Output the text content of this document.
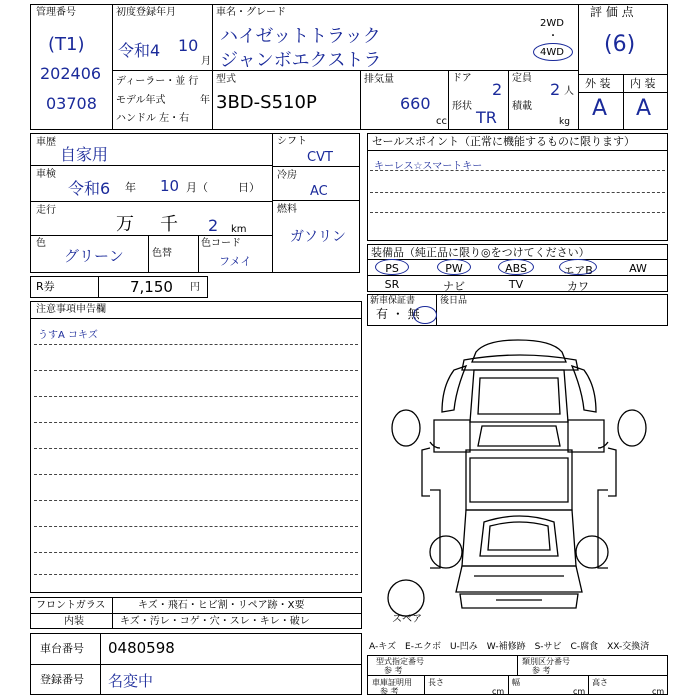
管理番号
(T1)
202406
03708
初度登録年月
令和4 10
月
車名・グレード
ハイゼットトラック
ジャンボエクストラ
2WD
・
4WD
ディーラー・並 行
モデル年式	年
ハンドル 左・右
型式
3BD-S510P
排気量
660
cc
ドア
2
形状
TR
定員
2 人
積載
kg
評 価 点
(6)
外 装 内 装
A A
車歴
自家用
車検
令和6 年 10 月（	日）
走行
万 千 2 km
色
グリーン	色替
色コード
フメイ
シフト
CVT
冷房
AC
燃料
ガソリン
R券	7,150 円
セールスポイント（正常に機能するものに限ります）
キーレス☆スマートキー
装備品（純正品に限り◎をつけてください）
PS	PW	ABS	エアB	AW
SR	ナビ	TV	カワ
新車保証書
有 ・ 無
後日品
注意事項申告欄
うすA コキズ
スペア
フロントガラス	キズ・飛石・ヒビ割・リペア跡・X要
内装	キズ・汚レ・コゲ・穴・スレ・キレ・破レ
車台番号 0480598
登録番号 名変中
A-キズ　E-エクボ　U-凹み　W-補修跡　S-サビ　C-腐食　XX-交換済
型式指定番号
参 考
類別区分番号
参 考
車庫証明用
参 考
長さ
cm
幅
cm
高さ
cm
